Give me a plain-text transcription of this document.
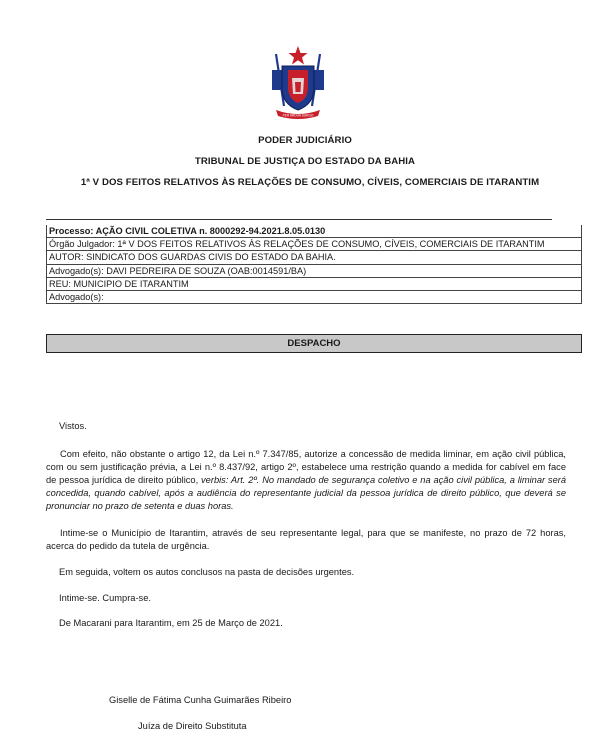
PER ARDUA SURGO
PODER JUDICIÁRIO
TRIBUNAL DE JUSTIÇA DO ESTADO DA BAHIA
1ª V DOS FEITOS RELATIVOS ÀS RELAÇÕES DE CONSUMO, CÍVEIS, COMERCIAIS DE ITARANTIM
Processo: AÇÃO CIVIL COLETIVA n. 8000292-94.2021.8.05.0130
Órgão Julgador: 1ª V DOS FEITOS RELATIVOS ÀS RELAÇÕES DE CONSUMO, CÍVEIS, COMERCIAIS DE ITARANTIM
AUTOR: SINDICATO DOS GUARDAS CIVIS DO ESTADO DA BAHIA.
Advogado(s): DAVI PEDREIRA DE SOUZA (OAB:0014591/BA)
REU: MUNICIPIO DE ITARANTIM
Advogado(s):
DESPACHO
Vistos.
Com efeito, não obstante o artigo 12, da Lei n.º 7.347/85, autorize a concessão de medida liminar, em ação civil pública, com ou sem justificação prévia, a Lei n.º 8.437/92, artigo 2º, estabelece uma restrição quando a medida for cabível em face de pessoa jurídica de direito público, verbis: Art. 2º. No mandado de segurança coletivo e na ação civil pública, a liminar será concedida, quando cabível, após a audiência do representante judicial da pessoa jurídica de direito público, que deverá se pronunciar no prazo de setenta e duas horas.
Intime-se o Município de Itarantim, através de seu representante legal, para que se manifeste, no prazo de 72 horas, acerca do pedido da tutela de urgência.
Em seguida, voltem os autos conclusos na pasta de decisões urgentes.
Intime-se. Cumpra-se.
De Macarani para Itarantim, em 25 de Março de 2021.
Giselle de Fátima Cunha Guimarães Ribeiro
Juíza de Direito Substituta
